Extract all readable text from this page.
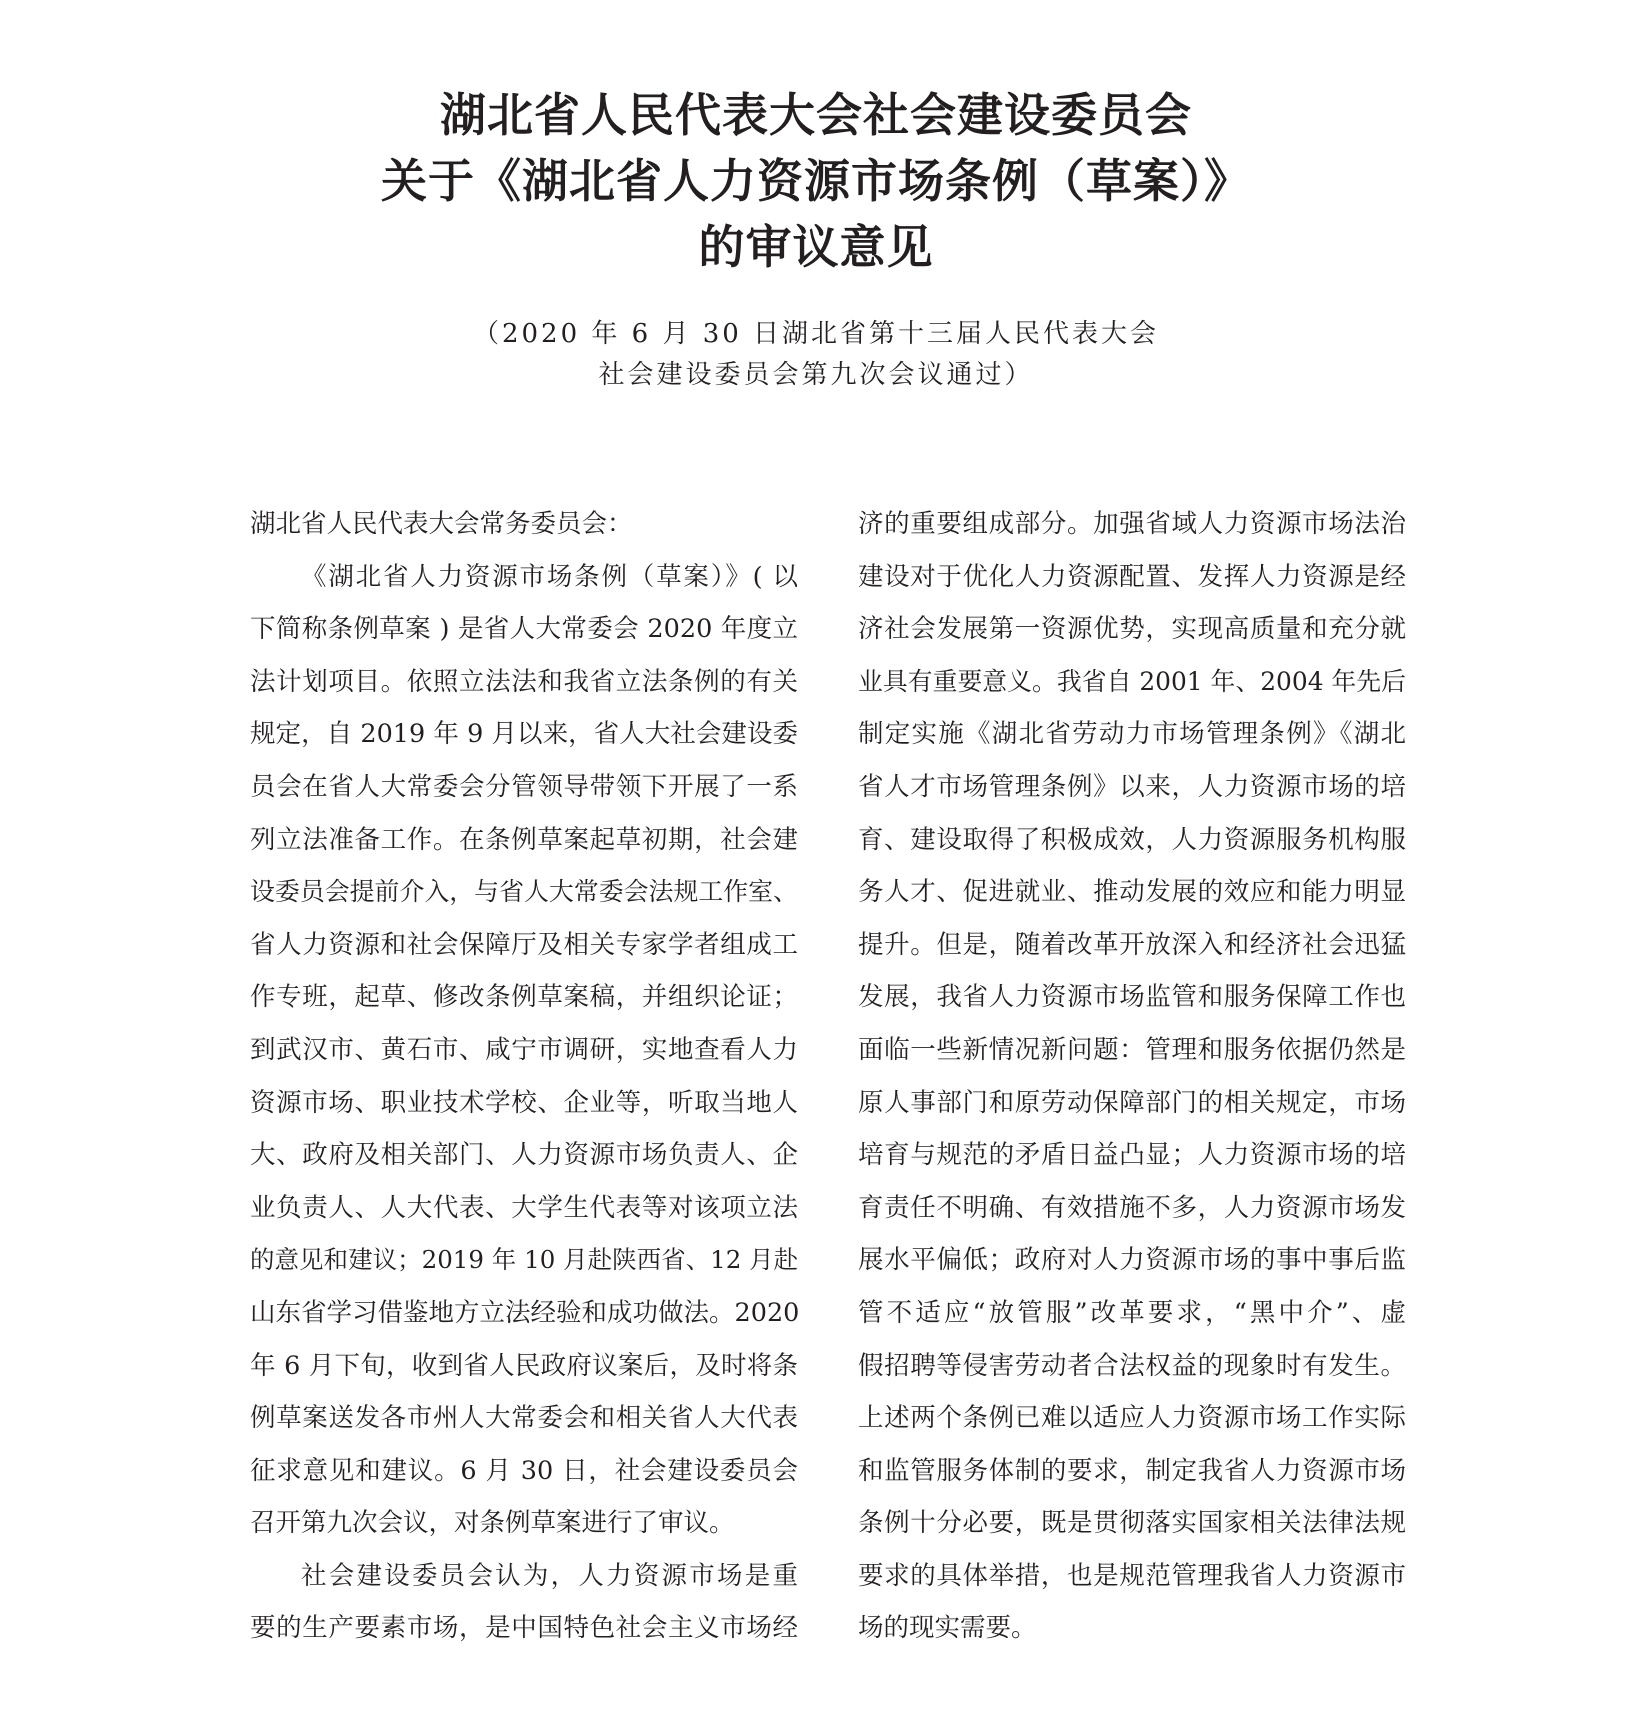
湖北省人民代表大会社会建设委员会
关于《湖北省人力资源市场条例（草案）》
的审议意见
（2020 年 6 月 30 日湖北省第十三届人民代表大会
社会建设委员会第九次会议通过）
湖北省人民代表大会常务委员会：
《湖北省人力资源市场条例（草案）》( 以
下简称条例草案 ) 是省人大常委会 2020 年度立
法计划项目。依照立法法和我省立法条例的有关
规定，自 2019 年 9 月以来，省人大社会建设委
员会在省人大常委会分管领导带领下开展了一系
列立法准备工作。在条例草案起草初期，社会建
设委员会提前介入，与省人大常委会法规工作室、
省人力资源和社会保障厅及相关专家学者组成工
作专班，起草、修改条例草案稿，并组织论证；
到武汉市、黄石市、咸宁市调研，实地查看人力
资源市场、职业技术学校、企业等，听取当地人
大、政府及相关部门、人力资源市场负责人、企
业负责人、人大代表、大学生代表等对该项立法
的意见和建议；2019 年 10 月赴陕西省、12 月赴
山东省学习借鉴地方立法经验和成功做法。2020
年 6 月下旬，收到省人民政府议案后，及时将条
例草案送发各市州人大常委会和相关省人大代表
征求意见和建议。6 月 30 日，社会建设委员会
召开第九次会议，对条例草案进行了审议。
社会建设委员会认为，人力资源市场是重
要的生产要素市场，是中国特色社会主义市场经
济的重要组成部分。加强省域人力资源市场法治
建设对于优化人力资源配置、发挥人力资源是经
济社会发展第一资源优势，实现高质量和充分就
业具有重要意义。我省自 2001 年、2004 年先后
制定实施《湖北省劳动力市场管理条例》《湖北
省人才市场管理条例》以来，人力资源市场的培
育、建设取得了积极成效，人力资源服务机构服
务人才、促进就业、推动发展的效应和能力明显
提升。但是，随着改革开放深入和经济社会迅猛
发展，我省人力资源市场监管和服务保障工作也
面临一些新情况新问题：管理和服务依据仍然是
原人事部门和原劳动保障部门的相关规定，市场
培育与规范的矛盾日益凸显；人力资源市场的培
育责任不明确、有效措施不多，人力资源市场发
展水平偏低；政府对人力资源市场的事中事后监
管不适应“放管服”改革要求，“黑中介”、虚
假招聘等侵害劳动者合法权益的现象时有发生。
上述两个条例已难以适应人力资源市场工作实际
和监管服务体制的要求，制定我省人力资源市场
条例十分必要，既是贯彻落实国家相关法律法规
要求的具体举措，也是规范管理我省人力资源市
场的现实需要。
